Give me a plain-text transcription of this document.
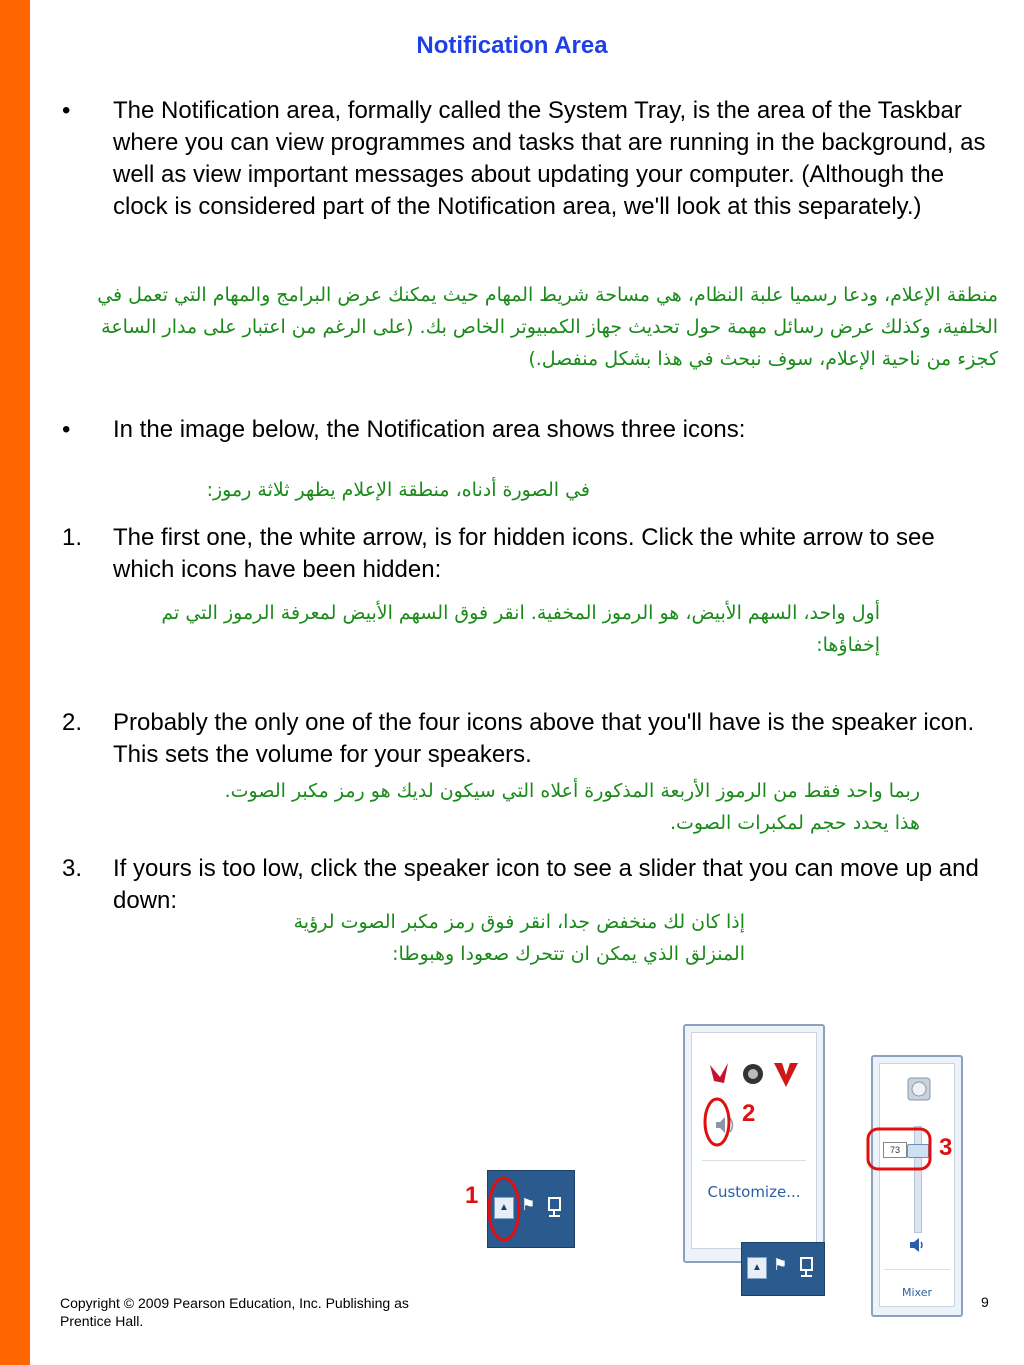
Notification Area
• The Notification area, formally called the System Tray, is the area of the Taskbar where you can view programmes and tasks that are running in the background, as well as view important messages about updating your computer. (Although the clock is considered part of the Notification area, we'll look at this separately.)
منطقة الإعلام، ودعا رسميا علبة النظام، هي مساحة شريط المهام حيث يمكنك عرض البرامج والمهام التي تعمل في الخلفية، وكذلك عرض رسائل مهمة حول تحديث جهاز الكمبيوتر الخاص بك. (على الرغم من اعتبار على مدار الساعة كجزء من ناحية الإعلام، سوف نبحث في هذا بشكل منفصل.)
• In the image below, the Notification area shows three icons:
في الصورة أدناه، منطقة الإعلام يظهر ثلاثة رموز:
1. The first one, the white arrow, is for hidden icons. Click the white arrow to see which icons have been hidden:
أول واحد، السهم الأبيض، هو الرموز المخفية. انقر فوق السهم الأبيض لمعرفة الرموز التي تم إخفاؤها:
2. Probably the only one of the four icons above that you'll have is the speaker icon. This sets the volume for your speakers.
ربما واحد فقط من الرموز الأربعة المذكورة أعلاه التي سيكون لديك هو رمز مكبر الصوت. هذا يحدد حجم لمكبرات الصوت.
3. If yours is too low, click the speaker icon to see a slider that you can move up and down:
إذا كان لك منخفض جدا، انقر فوق رمز مكبر الصوت لرؤية المنزلق الذي يمكن ان تتحرك صعودا وهبوطا:
▲ ⚑
1	Customize...
2
▲ ⚑
73
Mixer
3
Copyright © 2009 Pearson Education, Inc. Publishing as Prentice Hall.
9
